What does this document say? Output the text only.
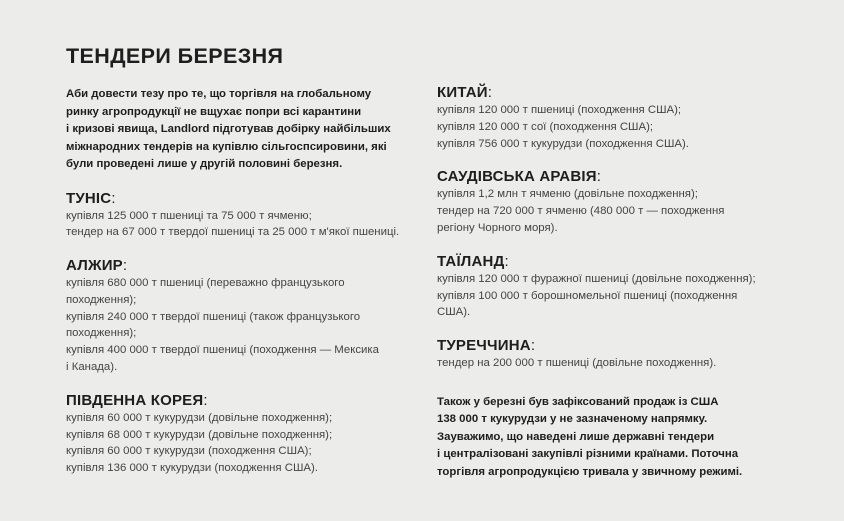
ТЕНДЕРИ БЕРЕЗНЯ
Аби довести тезу про те, що торгівля на глобальному
ринку агропродукції не вщухає попри всі карантини
і кризові явища, Landlord підготував добірку найбільших
міжнародних тендерів на купівлю сільгоспсировини, які
були проведені лише у другій половині березня.
ТУНІС:
купівля 125 000 т пшениці та 75 000 т ячменю;
тендер на 67 000 т твердої пшениці та 25 000 т м'якої пшениці.
АЛЖИР:
купівля 680 000 т пшениці (переважно французького
походження);
купівля 240 000 т твердої пшениці (також французького
походження);
купівля 400 000 т твердої пшениці (походження — Мексика
і Канада).
ПІВДЕННА КОРЕЯ:
купівля 60 000 т кукурудзи (довільне походження);
купівля 68 000 т кукурудзи (довільне походження);
купівля 60 000 т кукурудзи (походження США);
купівля 136 000 т кукурудзи (походження США).
КИТАЙ:
купівля 120 000 т пшениці (походження США);
купівля 120 000 т сої (походження США);
купівля 756 000 т кукурудзи (походження США).
САУДІВСЬКА АРАВІЯ:
купівля 1,2 млн т ячменю (довільне походження);
тендер на 720 000 т ячменю (480 000 т — походження
регіону Чорного моря).
ТАЇЛАНД:
купівля 120 000 т фуражної пшениці (довільне походження);
купівля 100 000 т борошномельної пшениці (походження
США).
ТУРЕЧЧИНА:
тендер на 200 000 т пшениці (довільне походження).
Також у березні був зафіксований продаж із США
138 000 т кукурудзи у не зазначеному напрямку.
Зауважимо, що наведені лише державні тендери
і централізовані закупівлі різними країнами. Поточна
торгівля агропродукцією тривала у звичному режимі.
